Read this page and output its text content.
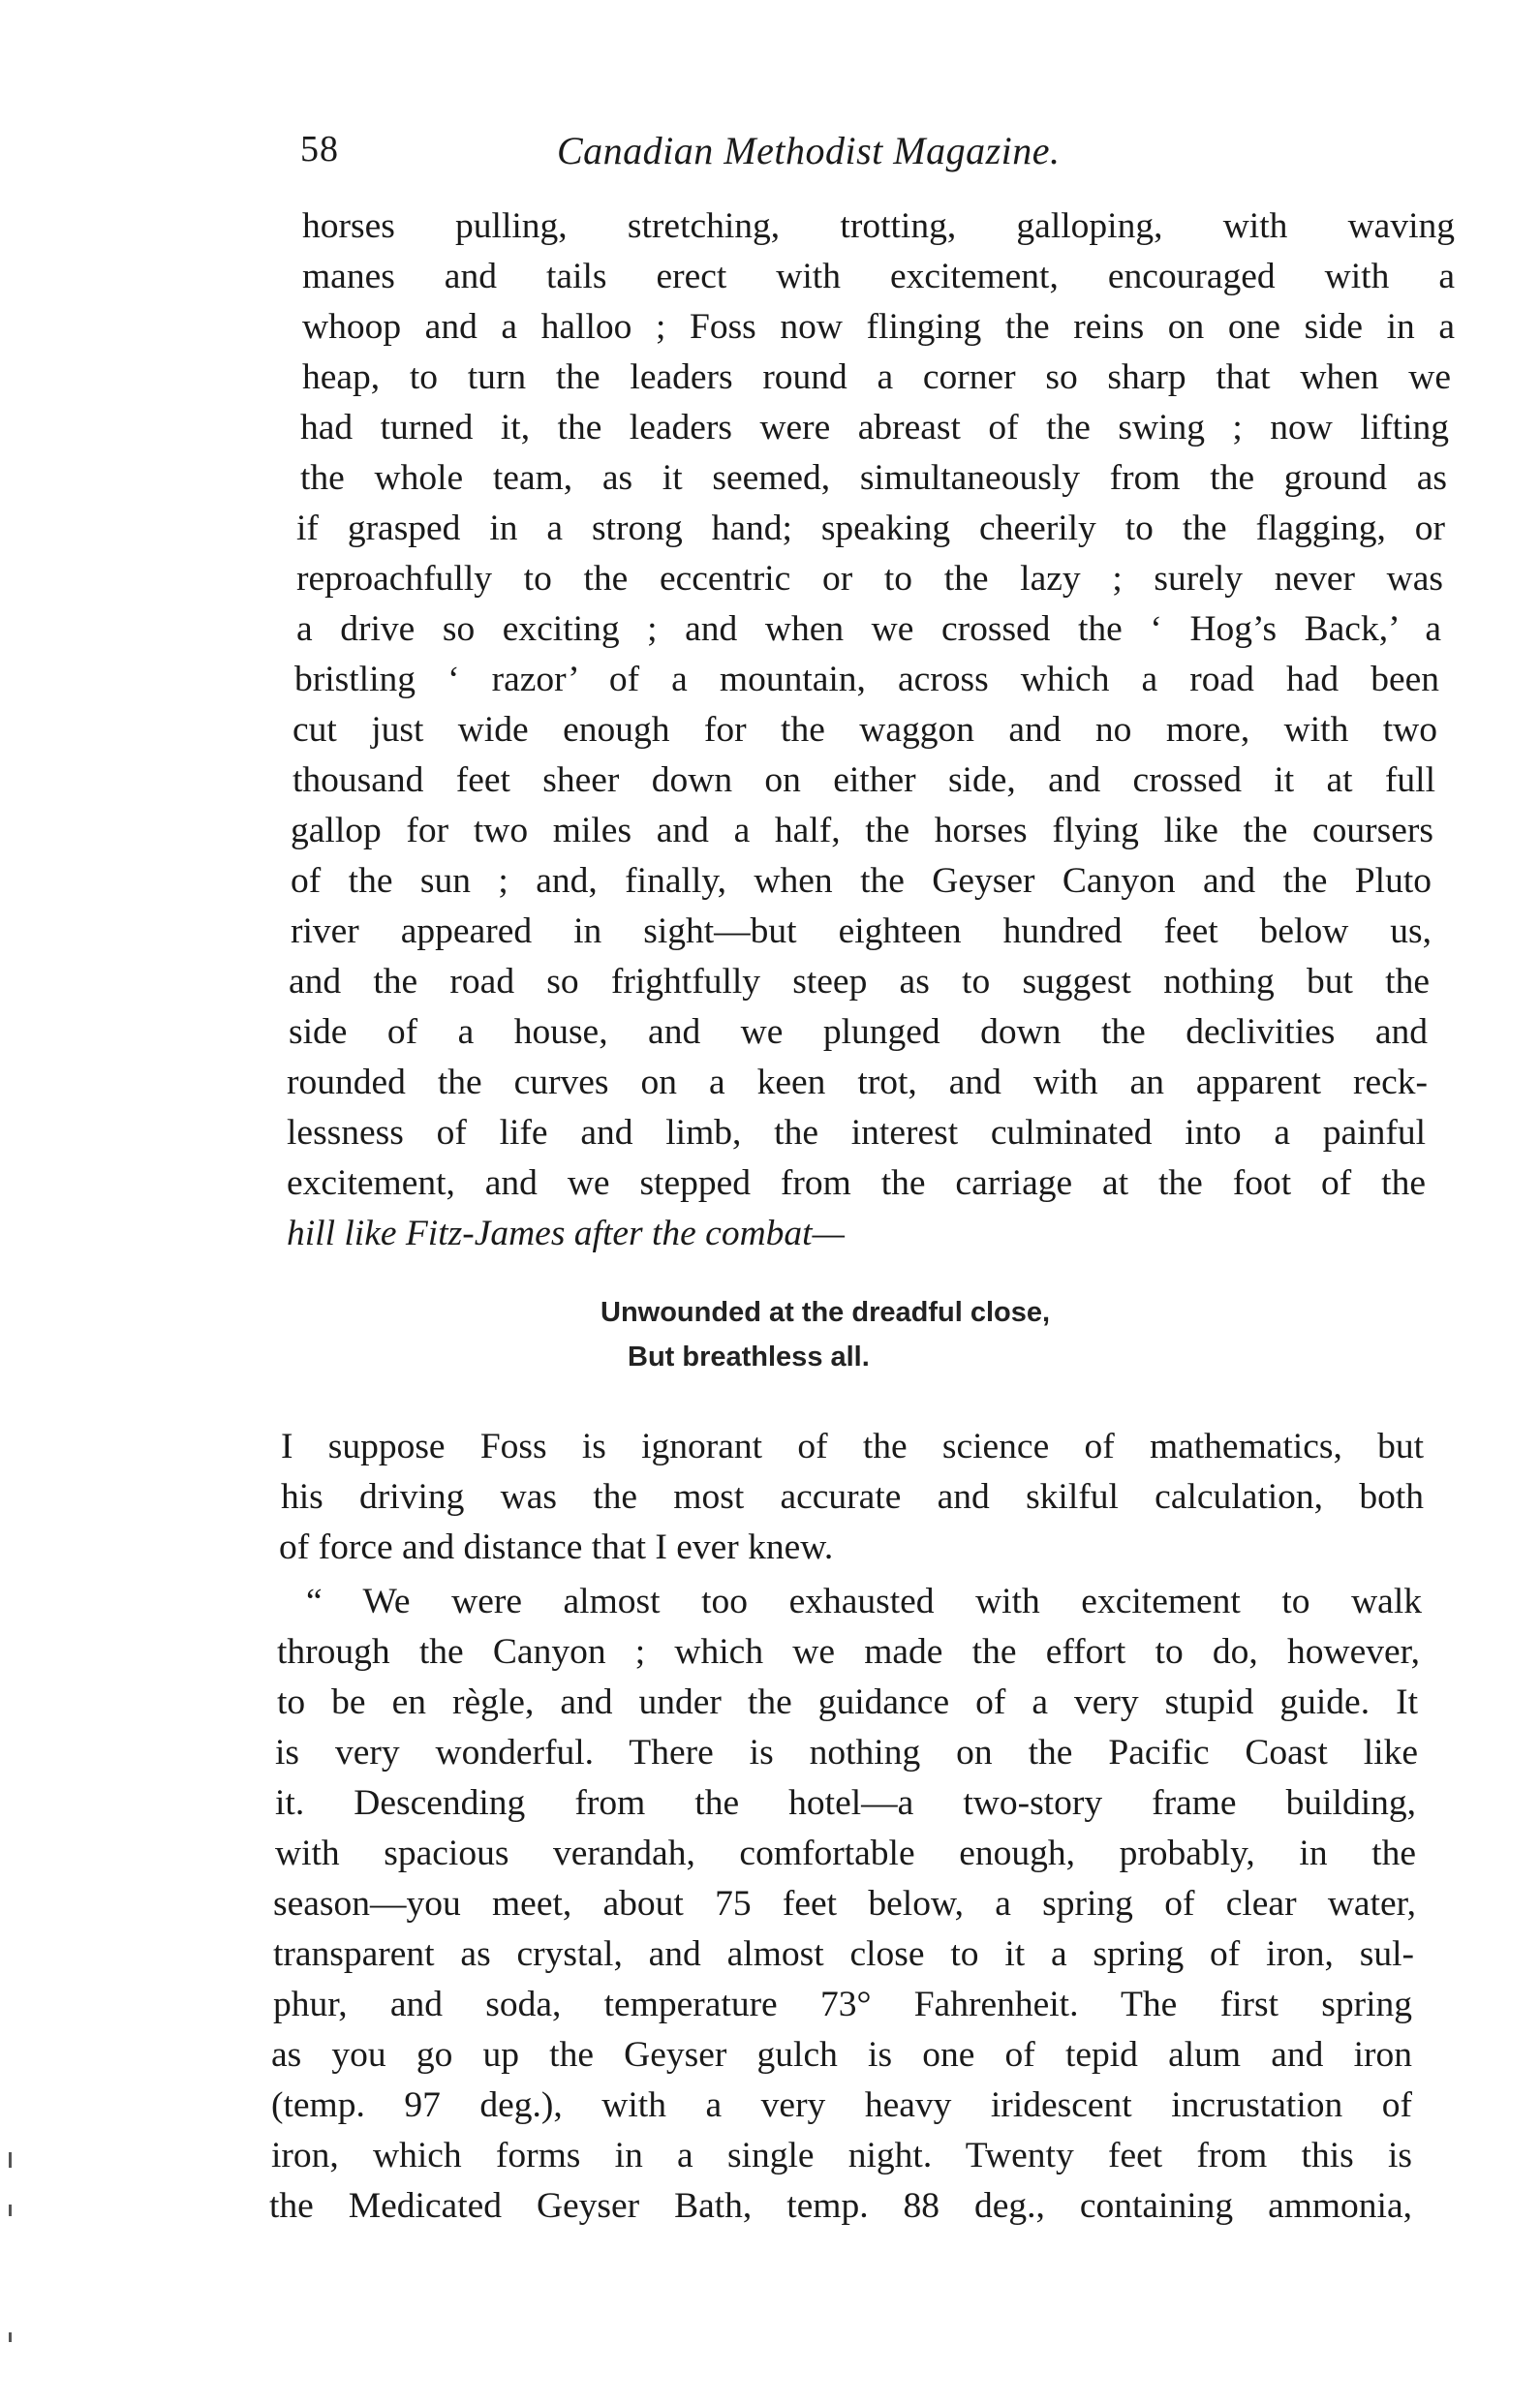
58	Canadian Methodist Magazine.
horses pulling, stretching, trotting, galloping, with waving
manes and tails erect with excitement, encouraged with a
whoop and a halloo ; Foss now flinging the reins on one side in a
heap, to turn the leaders round a corner so sharp that when we
had turned it, the leaders were abreast of the swing ; now lifting
the whole team, as it seemed, simultaneously from the ground as
if grasped in a strong hand; speaking cheerily to the flagging, or
reproachfully to the eccentric or to the lazy ; surely never was
a drive so exciting ; and when we crossed the ‘ Hog’s Back,’ a
bristling ‘ razor’ of a mountain, across which a road had been
cut just wide enough for the waggon and no more, with two
thousand feet sheer down on either side, and crossed it at full
gallop for two miles and a half, the horses flying like the coursers
of the sun ; and, finally, when the Geyser Canyon and the Pluto
river appeared in sight—but eighteen hundred feet below us,
and the road so frightfully steep as to suggest nothing but the
side of a house, and we plunged down the declivities and
rounded the curves on a keen trot, and with an apparent reck-
lessness of life and limb, the interest culminated into a painful
excitement, and we stepped from the carriage at the foot of the
hill like Fitz-James after the combat—
Unwounded at the dreadful close,
But breathless all.
I suppose Foss is ignorant of the science of mathematics, but
his driving was the most accurate and skilful calculation, both
of force and distance that I ever knew.
“ We were almost too exhausted with excitement to walk
through the Canyon ; which we made the effort to do, however,
to be en règle, and under the guidance of a very stupid guide. It
is very wonderful. There is nothing on the Pacific Coast like
it. Descending from the hotel—a two-story frame building,
with spacious verandah, comfortable enough, probably, in the
season—you meet, about 75 feet below, a spring of clear water,
transparent as crystal, and almost close to it a spring of iron, sul-
phur, and soda, temperature 73° Fahrenheit. The first spring
as you go up the Geyser gulch is one of tepid alum and iron
(temp. 97 deg.), with a very heavy iridescent incrustation of
iron, which forms in a single night. Twenty feet from this is
the Medicated Geyser Bath, temp. 88 deg., containing ammonia,
